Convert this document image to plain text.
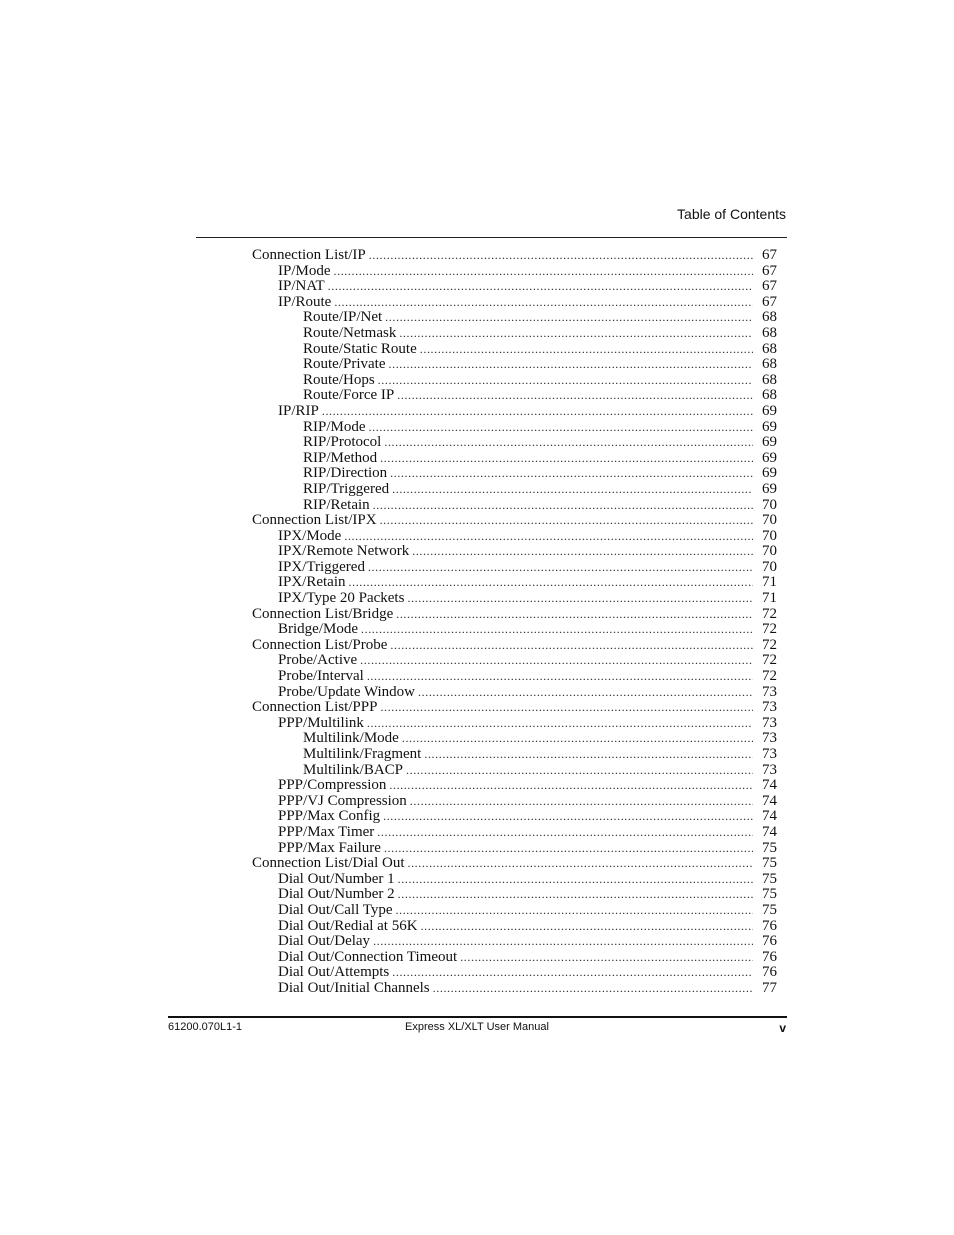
Table of Contents
Connection List/IP .....	67
IP/Mode .....	67
IP/NAT .....	67
IP/Route .....	67
Route/IP/Net .....	68
Route/Netmask .....	68
Route/Static Route .....	68
Route/Private .....	68
Route/Hops .....	68
Route/Force IP .....	68
IP/RIP .....	69
RIP/Mode .....	69
RIP/Protocol .....	69
RIP/Method .....	69
RIP/Direction .....	69
RIP/Triggered .....	69
RIP/Retain .....	70
Connection List/IPX .....	70
IPX/Mode .....	70
IPX/Remote Network .....	70
IPX/Triggered .....	70
IPX/Retain .....	71
IPX/Type 20 Packets .....	71
Connection List/Bridge .....	72
Bridge/Mode .....	72
Connection List/Probe .....	72
Probe/Active .....	72
Probe/Interval .....	72
Probe/Update Window .....	73
Connection List/PPP .....	73
PPP/Multilink .....	73
Multilink/Mode .....	73
Multilink/Fragment .....	73
Multilink/BACP .....	73
PPP/Compression .....	74
PPP/VJ Compression .....	74
PPP/Max Config .....	74
PPP/Max Timer .....	74
PPP/Max Failure .....	75
Connection List/Dial Out .....	75
Dial Out/Number 1 .....	75
Dial Out/Number 2 .....	75
Dial Out/Call Type .....	75
Dial Out/Redial at 56K .....	76
Dial Out/Delay .....	76
Dial Out/Connection Timeout .....	76
Dial Out/Attempts .....	76
Dial Out/Initial Channels .....	77
61200.070L1-1	Express XL/XLT User Manual	v
